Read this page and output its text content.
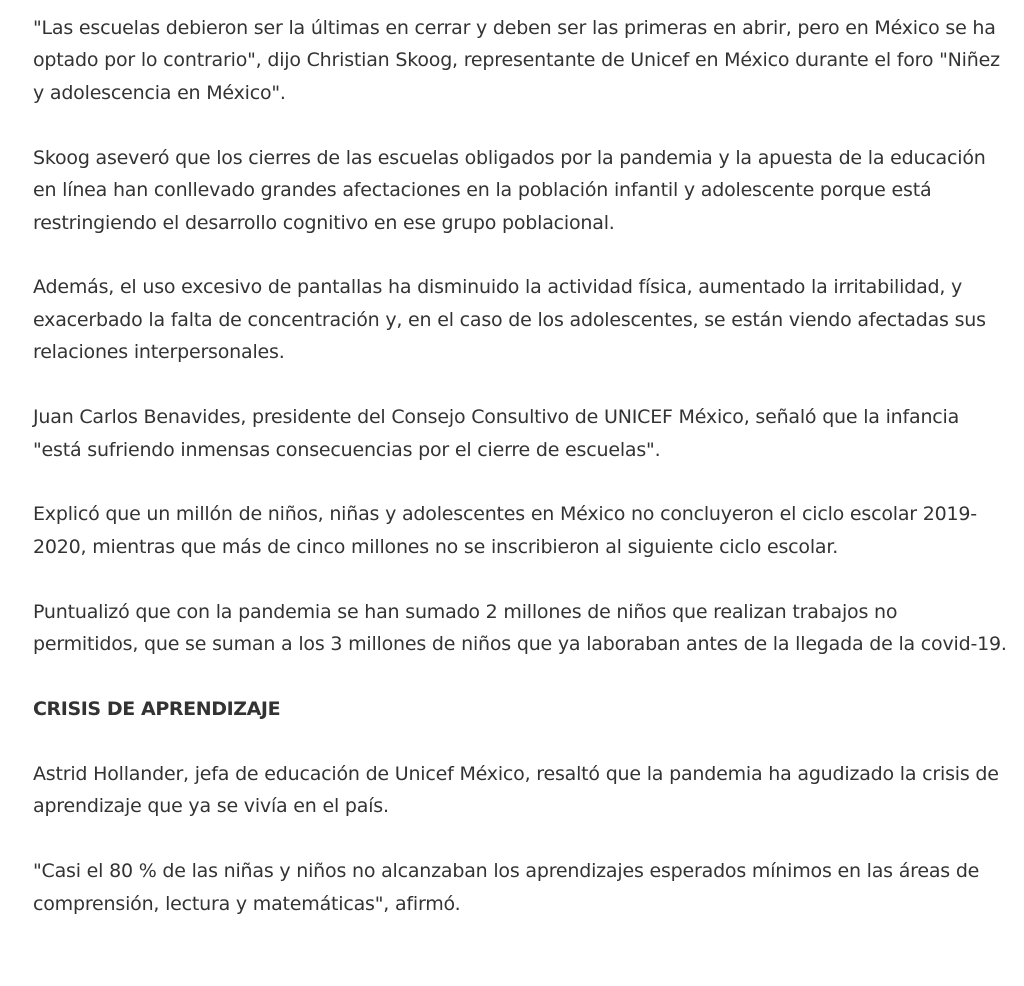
"Las escuelas debieron ser la últimas en cerrar y deben ser las primeras en abrir, pero en México se ha optado por lo contrario", dijo Christian Skoog, representante de Unicef en México durante el foro "Niñez y adolescencia en México".

Skoog aseveró que los cierres de las escuelas obligados por la pandemia y la apuesta de la educación en línea han conllevado grandes afectaciones en la población infantil y adolescente porque está restringiendo el desarrollo cognitivo en ese grupo poblacional.

Además, el uso excesivo de pantallas ha disminuido la actividad física, aumentado la irritabilidad, y exacerbado la falta de concentración y, en el caso de los adolescentes, se están viendo afectadas sus relaciones interpersonales.

Juan Carlos Benavides, presidente del Consejo Consultivo de UNICEF México, señaló que la infancia "está sufriendo inmensas consecuencias por el cierre de escuelas".

Explicó que un millón de niños, niñas y adolescentes en México no concluyeron el ciclo escolar 2019-2020, mientras que más de cinco millones no se inscribieron al siguiente ciclo escolar.

Puntualizó que con la pandemia se han sumado 2 millones de niños que realizan trabajos no permitidos, que se suman a los 3 millones de niños que ya laboraban antes de la llegada de la covid-19.

CRISIS DE APRENDIZAJE

Astrid Hollander, jefa de educación de Unicef México, resaltó que la pandemia ha agudizado la crisis de aprendizaje que ya se vivía en el país.

"Casi el 80 % de las niñas y niños no alcanzaban los aprendizajes esperados mínimos en las áreas de comprensión, lectura y matemáticas", afirmó.
